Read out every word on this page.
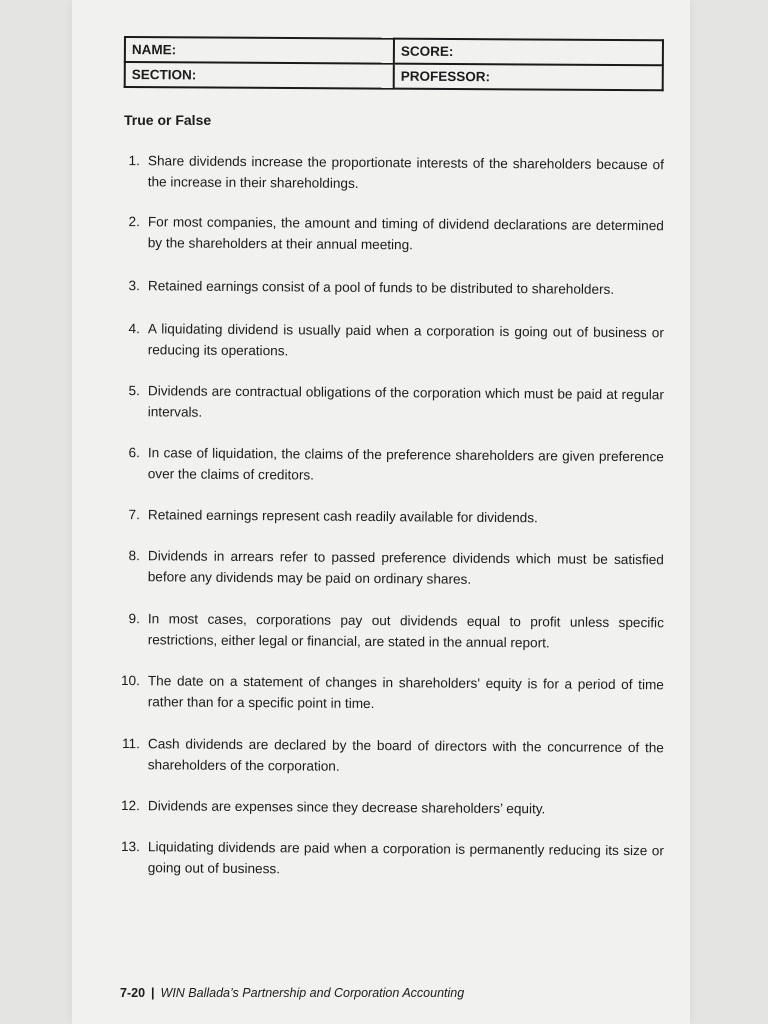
NAME:	SCORE:
SECTION:	PROFESSOR:
True or False
1. Share dividends increase the proportionate interests of the shareholders because of the increase in their shareholdings.
2. For most companies, the amount and timing of dividend declarations are determined by the shareholders at their annual meeting.
3. Retained earnings consist of a pool of funds to be distributed to shareholders.
4. A liquidating dividend is usually paid when a corporation is going out of business or reducing its operations.
5. Dividends are contractual obligations of the corporation which must be paid at regular intervals.
6. In case of liquidation, the claims of the preference shareholders are given preference over the claims of creditors.
7. Retained earnings represent cash readily available for dividends.
8. Dividends in arrears refer to passed preference dividends which must be satisfied before any dividends may be paid on ordinary shares.
9. In most cases, corporations pay out dividends equal to profit unless specific restrictions, either legal or financial, are stated in the annual report.
10. The date on a statement of changes in shareholders' equity is for a period of time rather than for a specific point in time.
11. Cash dividends are declared by the board of directors with the concurrence of the shareholders of the corporation.
12. Dividends are expenses since they decrease shareholders’ equity.
13. Liquidating dividends are paid when a corporation is permanently reducing its size or going out of business.
7-20 | WIN Ballada’s Partnership and Corporation Accounting
